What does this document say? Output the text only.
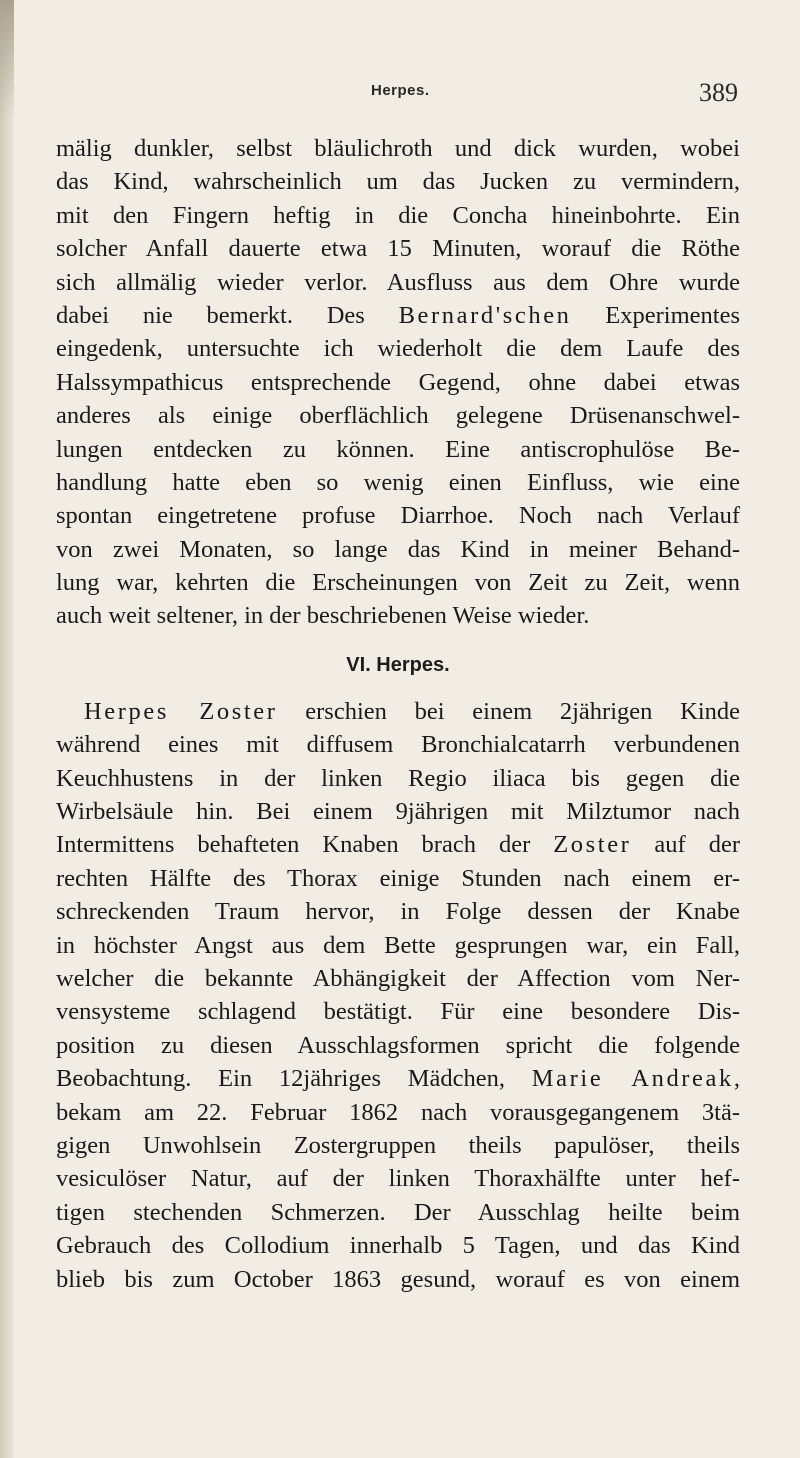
Herpes.	389
mälig dunkler, selbst bläulichroth und dick wurden, wobei
das Kind, wahrscheinlich um das Jucken zu vermindern,
mit den Fingern heftig in die Concha hineinbohrte. Ein
solcher Anfall dauerte etwa 15 Minuten, worauf die Röthe
sich allmälig wieder verlor. Ausfluss aus dem Ohre wurde
dabei nie bemerkt. Des Bernard'schen Experimentes
eingedenk, untersuchte ich wiederholt die dem Laufe des
Halssympathicus entsprechende Gegend, ohne dabei etwas
anderes als einige oberflächlich gelegene Drüsenanschwel-
lungen entdecken zu können. Eine antiscrophulöse Be-
handlung hatte eben so wenig einen Einfluss, wie eine
spontan eingetretene profuse Diarrhoe. Noch nach Verlauf
von zwei Monaten, so lange das Kind in meiner Behand-
lung war, kehrten die Erscheinungen von Zeit zu Zeit, wenn
auch weit seltener, in der beschriebenen Weise wieder.
VI. Herpes.
Herpes Zoster erschien bei einem 2jährigen Kinde
während eines mit diffusem Bronchialcatarrh verbundenen
Keuchhustens in der linken Regio iliaca bis gegen die
Wirbelsäule hin. Bei einem 9jährigen mit Milztumor nach
Intermittens behafteten Knaben brach der Zoster auf der
rechten Hälfte des Thorax einige Stunden nach einem er-
schreckenden Traum hervor, in Folge dessen der Knabe
in höchster Angst aus dem Bette gesprungen war, ein Fall,
welcher die bekannte Abhängigkeit der Affection vom Ner-
vensysteme schlagend bestätigt. Für eine besondere Dis-
position zu diesen Ausschlagsformen spricht die folgende
Beobachtung. Ein 12jähriges Mädchen, Marie Andreak,
bekam am 22. Februar 1862 nach vorausgegangenem 3tä-
gigen Unwohlsein Zostergruppen theils papulöser, theils
vesiculöser Natur, auf der linken Thoraxhälfte unter hef-
tigen stechenden Schmerzen. Der Ausschlag heilte beim
Gebrauch des Collodium innerhalb 5 Tagen, und das Kind
blieb bis zum October 1863 gesund, worauf es von einem
